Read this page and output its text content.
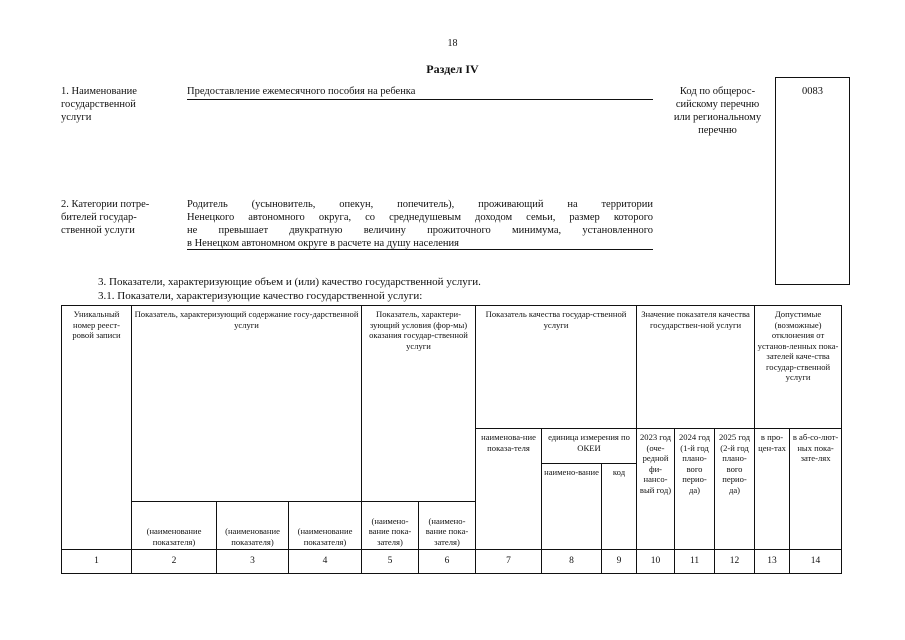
18
Раздел IV
1. Наименование
государственной
услуги
Предоставление ежемесячного пособия на ребенка	Код по общерос-
сийскому перечню
или региональному
перечню
0083
2. Категории потре-
бителей государ-
ственной услуги
Родитель (усыновитель, опекун, попечитель), проживающий на территории
Ненецкого автономного округа, со среднедушевым доходом семьи, размер которого
не превышает двукратную величину прожиточного минимума, установленного
в Ненецком автономном округе в расчете на душу населения
3. Показатели, характеризующие объем и (или) качество государственной услуги.
3.1. Показатели, характеризующие качество государственной услуги:
Уникальный номер реест-ровой записи	Показатель, характеризующий содержание госу-дарственной услуги			Показатель, характери-зующий условия (фор-мы) оказания государ-ственной услуги		Показатель качества государ-ственной услуги			Значение показателя качества государствен-ной услуги			Допустимые (возможные) отклонения от установ-ленных пока-зателей каче-ства государ-ственной услуги	
						наименова-ние показа-теля	единица измерения по ОКЕИ		2023 год (оче-редной фи-нансо-вый год)	2024 год (1-й год плано-вого перио-да)	2025 год (2-й год плано-вого перио-да)	в про-цен-тах	в аб-со-лют-ных пока-зате-лях
							наимено-вание	код					
	(наименование показателя)	(наименование показателя)	(наименование показателя)	(наимено-вание пока-зателя)	(наимено-вание пока-зателя)								
1	2	3	4	5	6	7	8	9	10	11	12	13	14
